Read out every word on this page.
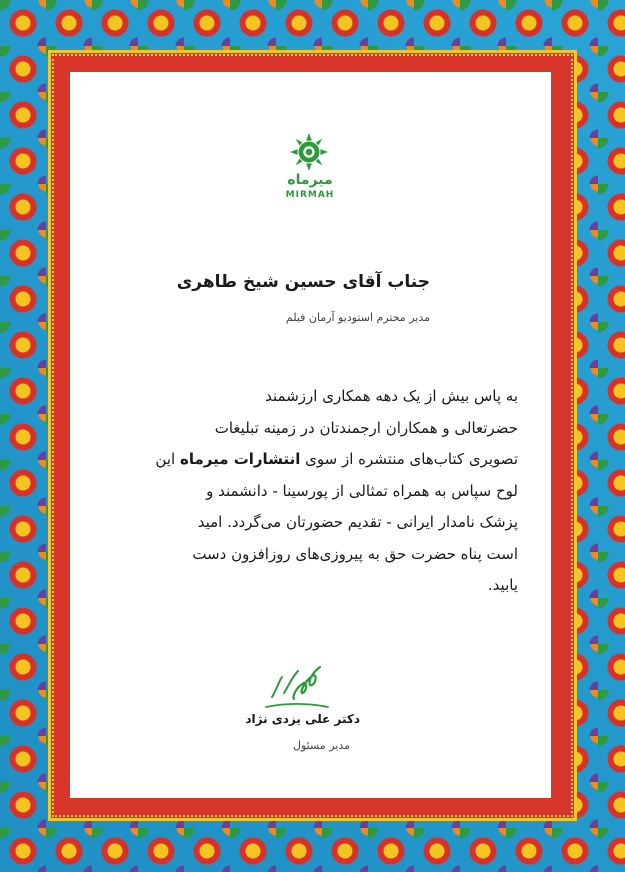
میرماه
MIRMAH
جناب آقای حسین شیخ طاهری
مدیر محترم استودیو آرمان فیلم
به پاس بیش از یک دهه همکاری ارزشمند
حضرتعالی و همکاران ارجمندتان در زمینه تبلیغات
تصویری کتاب‌های منتشره از سوی انتشارات میرماه این
لوح سپاس به همراه تمثالی از پورسینا - دانشمند و
پزشک نامدار ایرانی - تقدیم حضورتان می‌گردد. امید
است پناه حضرت حق به پیروزی‌های روزافزون دست
یابید.
دکتر علی یزدی نژاد
مدیر مسئول
